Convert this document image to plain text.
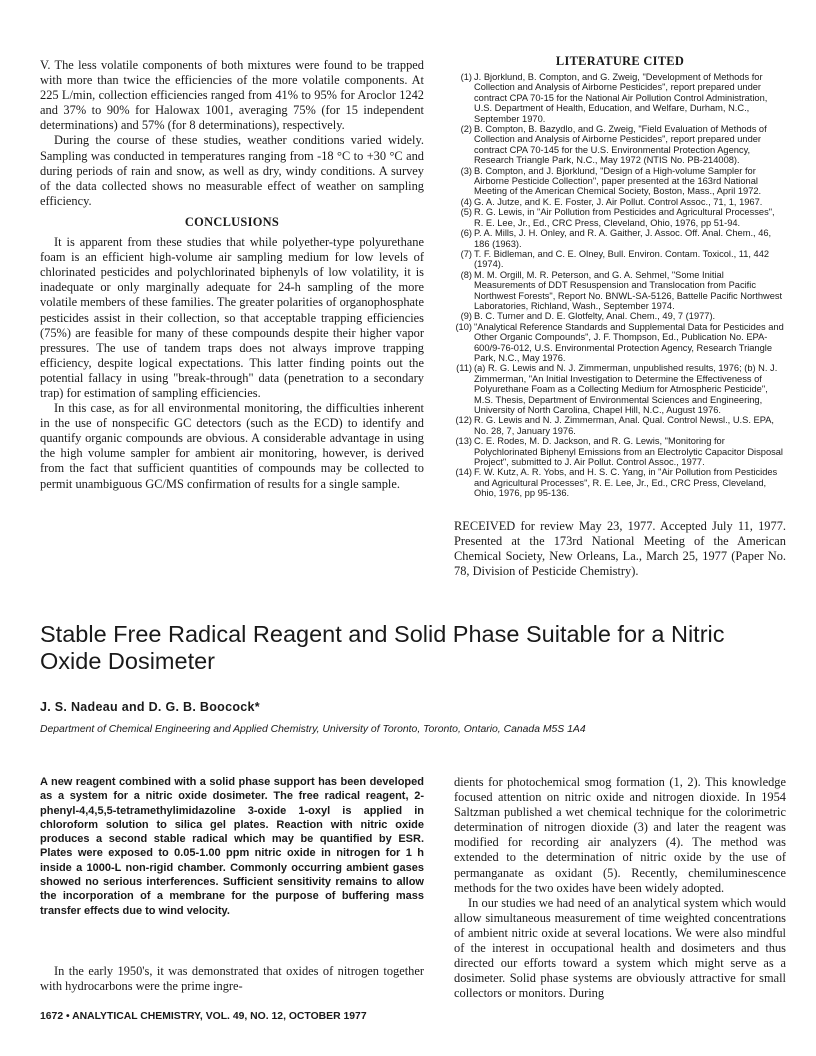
V. The less volatile components of both mixtures were found to be trapped with more than twice the efficiencies of the more volatile components. At 225 L/min, collection efficiencies ranged from 41% to 95% for Aroclor 1242 and 37% to 90% for Halowax 1001, averaging 75% (for 15 independent determinations) and 57% (for 8 determinations), respectively.

During the course of these studies, weather conditions varied widely. Sampling was conducted in temperatures ranging from -18 °C to +30 °C and during periods of rain and snow, as well as dry, windy conditions. A survey of the data collected shows no measurable effect of weather on sampling efficiency.

CONCLUSIONS

It is apparent from these studies that while polyether-type polyurethane foam is an efficient high-volume air sampling medium for low levels of chlorinated pesticides and polychlorinated biphenyls of low volatility, it is inadequate or only marginally adequate for 24-h sampling of the more volatile members of these families. The greater polarities of organophosphate pesticides assist in their collection, so that acceptable trapping efficiencies (75%) are feasible for many of these compounds despite their higher vapor pressures. The use of tandem traps does not always improve trapping efficiency, despite logical expectations. This latter finding points out the potential fallacy in using "break-through" data (penetration to a secondary trap) for estimation of sampling efficiencies.

In this case, as for all environmental monitoring, the difficulties inherent in the use of nonspecific GC detectors (such as the ECD) to identify and quantify organic compounds are obvious. A considerable advantage in using the high volume sampler for ambient air monitoring, however, is derived from the fact that sufficient quantities of compounds may be collected to permit unambiguous GC/MS confirmation of results for a single sample.

LITERATURE CITED
(1) J. Bjorklund, B. Compton, and G. Zweig, "Development of Methods for Collection and Analysis of Airborne Pesticides", report prepared under contract CPA 70-15 for the National Air Pollution Control Administration, U.S. Department of Health, Education, and Welfare, Durham, N.C., September 1970.
(2) B. Compton, B. Bazydlo, and G. Zweig, "Field Evaluation of Methods of Collection and Analysis of Airborne Pesticides", report prepared under contract CPA 70-145 for the U.S. Environmental Protection Agency, Research Triangle Park, N.C., May 1972 (NTIS No. PB-214008).
(3) B. Compton, and J. Bjorklund, "Design of a High-volume Sampler for Airborne Pesticide Collection", paper presented at the 163rd National Meeting of the American Chemical Society, Boston, Mass., April 1972.
(4) G. A. Jutze, and K. E. Foster, J. Air Pollut. Control Assoc., 71, 1, 1967.
(5) R. G. Lewis, in "Air Pollution from Pesticides and Agricultural Processes", R. E. Lee, Jr., Ed., CRC Press, Cleveland, Ohio, 1976, pp 51-94.
(6) P. A. Mills, J. H. Onley, and R. A. Gaither, J. Assoc. Off. Anal. Chem., 46, 186 (1963).
(7) T. F. Bidleman, and C. E. Olney, Bull. Environ. Contam. Toxicol., 11, 442 (1974).
(8) M. M. Orgill, M. R. Peterson, and G. A. Sehmel, "Some Initial Measurements of DDT Resuspension and Translocation from Pacific Northwest Forests", Report No. BNWL-SA-5126, Battelle Pacific Northwest Laboratories, Richland, Wash., September 1974.
(9) B. C. Turner and D. E. Glotfelty, Anal. Chem., 49, 7 (1977).
(10) "Analytical Reference Standards and Supplemental Data for Pesticides and Other Organic Compounds", J. F. Thompson, Ed., Publication No. EPA-600/9-76-012, U.S. Environmental Protection Agency, Research Triangle Park, N.C., May 1976.
(11) (a) R. G. Lewis and N. J. Zimmerman, unpublished results, 1976; (b) N. J. Zimmerman, "An Initial Investigation to Determine the Effectiveness of Polyurethane Foam as a Collecting Medium for Atmospheric Pesticide", M.S. Thesis, Department of Environmental Sciences and Engineering, University of North Carolina, Chapel Hill, N.C., August 1976.
(12) R. G. Lewis and N. J. Zimmerman, Anal. Qual. Control Newsl., U.S. EPA, No. 28, 7, January 1976.
(13) C. E. Rodes, M. D. Jackson, and R. G. Lewis, "Monitoring for Polychlorinated Biphenyl Emissions from an Electrolytic Capacitor Disposal Project", submitted to J. Air Pollut. Control Assoc., 1977.
(14) F. W. Kutz, A. R. Yobs, and H. S. C. Yang, in "Air Pollution from Pesticides and Agricultural Processes", R. E. Lee, Jr., Ed., CRC Press, Cleveland, Ohio, 1976, pp 95-136.

RECEIVED for review May 23, 1977. Accepted July 11, 1977. Presented at the 173rd National Meeting of the American Chemical Society, New Orleans, La., March 25, 1977 (Paper No. 78, Division of Pesticide Chemistry).

Stable Free Radical Reagent and Solid Phase Suitable for a Nitric Oxide Dosimeter

J. S. Nadeau and D. G. B. Boocock*

Department of Chemical Engineering and Applied Chemistry, University of Toronto, Toronto, Ontario, Canada M5S 1A4

A new reagent combined with a solid phase support has been developed as a system for a nitric oxide dosimeter. The free radical reagent, 2-phenyl-4,4,5,5-tetramethylimidazoline 3-oxide 1-oxyl is applied in chloroform solution to silica gel plates. Reaction with nitric oxide produces a second stable radical which may be quantified by ESR. Plates were exposed to 0.05-1.00 ppm nitric oxide in nitrogen for 1 h inside a 1000-L non-rigid chamber. Commonly occurring ambient gases showed no serious interferences. Sufficient sensitivity remains to allow the incorporation of a membrane for the purpose of buffering mass transfer effects due to wind velocity.

In the early 1950's, it was demonstrated that oxides of nitrogen together with hydrocarbons were the prime ingre-

dients for photochemical smog formation (1, 2). This knowledge focused attention on nitric oxide and nitrogen dioxide. In 1954 Saltzman published a wet chemical technique for the colorimetric determination of nitrogen dioxide (3) and later the reagent was modified for recording air analyzers (4). The method was extended to the determination of nitric oxide by the use of permanganate as oxidant (5). Recently, chemiluminescence methods for the two oxides have been widely adopted.

In our studies we had need of an analytical system which would allow simultaneous measurement of time weighted concentrations of ambient nitric oxide at several locations. We were also mindful of the interest in occupational health and dosimeters and thus directed our efforts toward a system which might serve as a dosimeter. Solid phase systems are obviously attractive for small collectors or monitors. During

1672 • ANALYTICAL CHEMISTRY, VOL. 49, NO. 12, OCTOBER 1977
